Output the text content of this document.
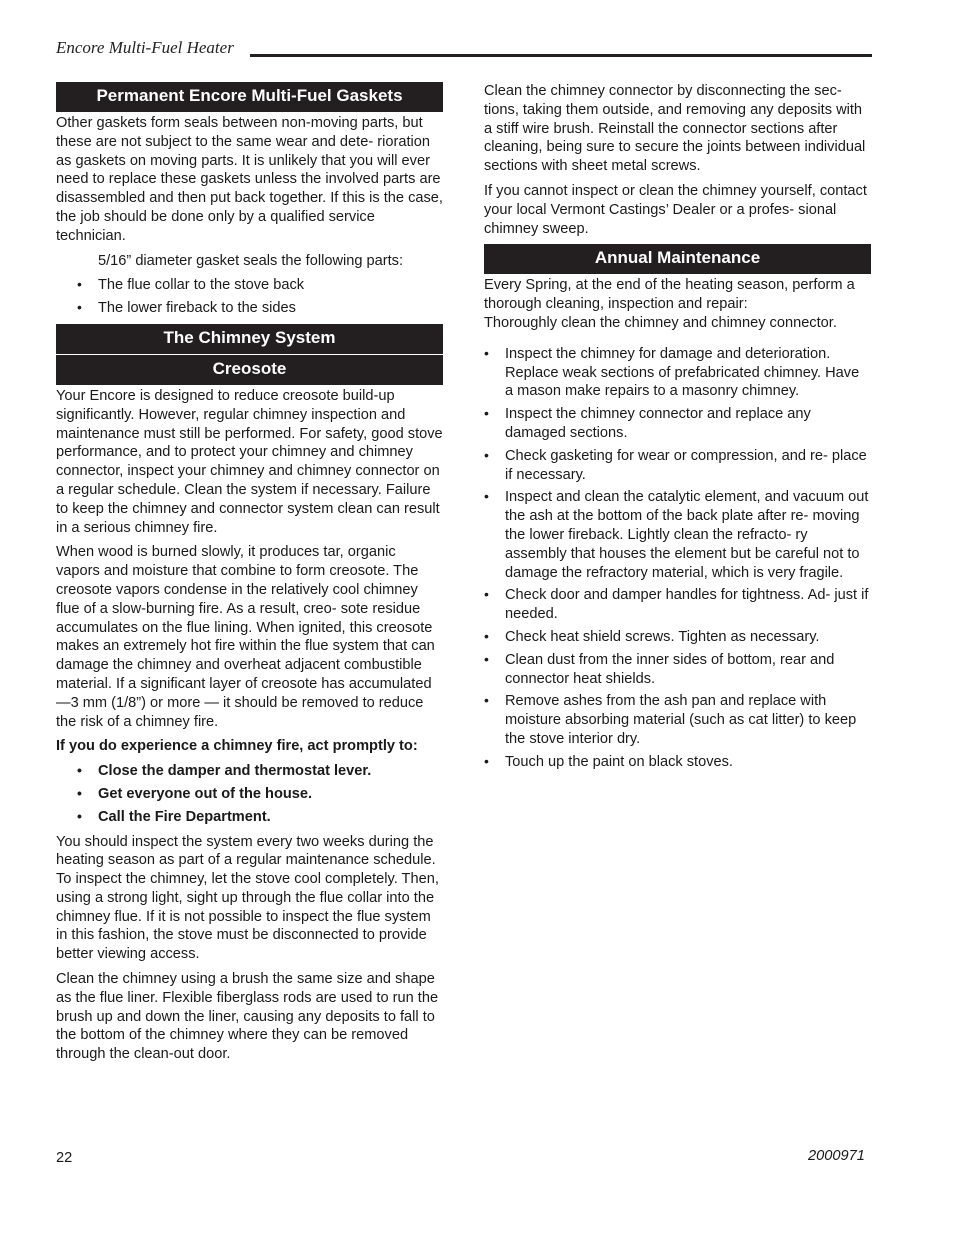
Encore Multi-Fuel Heater
Permanent Encore Multi-Fuel Gaskets

Other gaskets form seals between non-moving parts, but these are not subject to the same wear and dete- rioration as gaskets on moving parts. It is unlikely that you will ever need to replace these gaskets unless the involved parts are disassembled and then put back together. If this is the case, the job should be done only by a qualified service technician.

5/16” diameter gasket seals the following parts:

• The flue collar to the stove back
• The lower fireback to the sides
The Chimney System
Creosote

Your Encore is designed to reduce creosote build-up significantly. However, regular chimney inspection and maintenance must still be performed. For safety, good stove performance, and to protect your chimney and chimney connector, inspect your chimney and chimney connector on a regular schedule. Clean the system if necessary. Failure to keep the chimney and connector system clean can result in a serious chimney fire.

When wood is burned slowly, it produces tar, organic vapors and moisture that combine to form creosote. The creosote vapors condense in the relatively cool chimney flue of a slow-burning fire. As a result, creo- sote residue accumulates on the flue lining. When ignited, this creosote makes an extremely hot fire within the flue system that can damage the chimney and overheat adjacent combustible material. If a significant layer of creosote has accumulated —3 mm (1/8”) or more — it should be removed to reduce the risk of a chimney fire.

If you do experience a chimney fire, act promptly to:

• Close the damper and thermostat lever.
• Get everyone out of the house.
• Call the Fire Department.

You should inspect the system every two weeks during the heating season as part of a regular maintenance schedule. To inspect the chimney, let the stove cool completely. Then, using a strong light, sight up through the flue collar into the chimney flue. If it is not possible to inspect the flue system in this fashion, the stove must be disconnected to provide better viewing access.

Clean the chimney using a brush the same size and shape as the flue liner. Flexible fiberglass rods are used to run the brush up and down the liner, causing any deposits to fall to the bottom of the chimney where they can be removed through the clean-out door.

Clean the chimney connector by disconnecting the sec- tions, taking them outside, and removing any deposits with a stiff wire brush. Reinstall the connector sections after cleaning, being sure to secure the joints between individual sections with sheet metal screws.

If you cannot inspect or clean the chimney yourself, contact your local Vermont Castings’ Dealer or a profes- sional chimney sweep.

Annual Maintenance

Every Spring, at the end of the heating season, perform a thorough cleaning, inspection and repair:

Thoroughly clean the chimney and chimney connector.

• Inspect the chimney for damage and deterioration. Replace weak sections of prefabricated chimney. Have a mason make repairs to a masonry chimney.
• Inspect the chimney connector and replace any damaged sections.
• Check gasketing for wear or compression, and re- place if necessary.
• Inspect and clean the catalytic element, and vacuum out the ash at the bottom of the back plate after re- moving the lower fireback. Lightly clean the refracto- ry assembly that houses the element but be careful not to damage the refractory material, which is very fragile.
• Check door and damper handles for tightness. Ad- just if needed.
• Check heat shield screws. Tighten as necessary.
• Clean dust from the inner sides of bottom, rear and connector heat shields.
• Remove ashes from the ash pan and replace with moisture absorbing material (such as cat litter) to keep the stove interior dry.
• Touch up the paint on black stoves.
22	2000971
